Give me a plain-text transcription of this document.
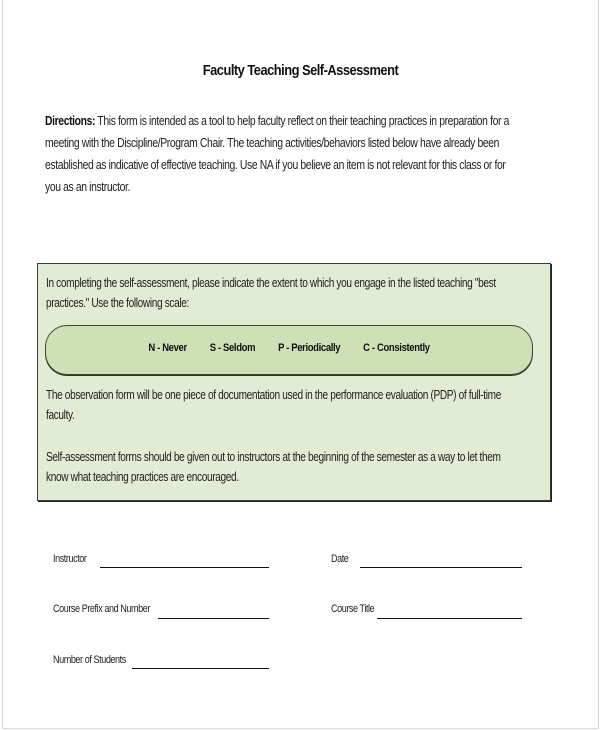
Faculty Teaching Self-Assessment
Directions: This form is intended as a tool to help faculty reflect on their teaching practices in preparation for a
meeting with the Discipline/Program Chair. The teaching activities/behaviors listed below have already been
established as indicative of effective teaching. Use NA if you believe an item is not relevant for this class or for
you as an instructor.
In completing the self-assessment, please indicate the extent to which you engage in the listed teaching "best
practices." Use the following scale:
N - Never S - Seldom P - Periodically C - Consistently
The observation form will be one piece of documentation used in the performance evaluation (PDP) of full-time
faculty.
Self-assessment forms should be given out to instructors at the beginning of the semester as a way to let them
know what teaching practices are encouraged.
Instructor	Date
Course Prefix and Number	Course Title
Number of Students
